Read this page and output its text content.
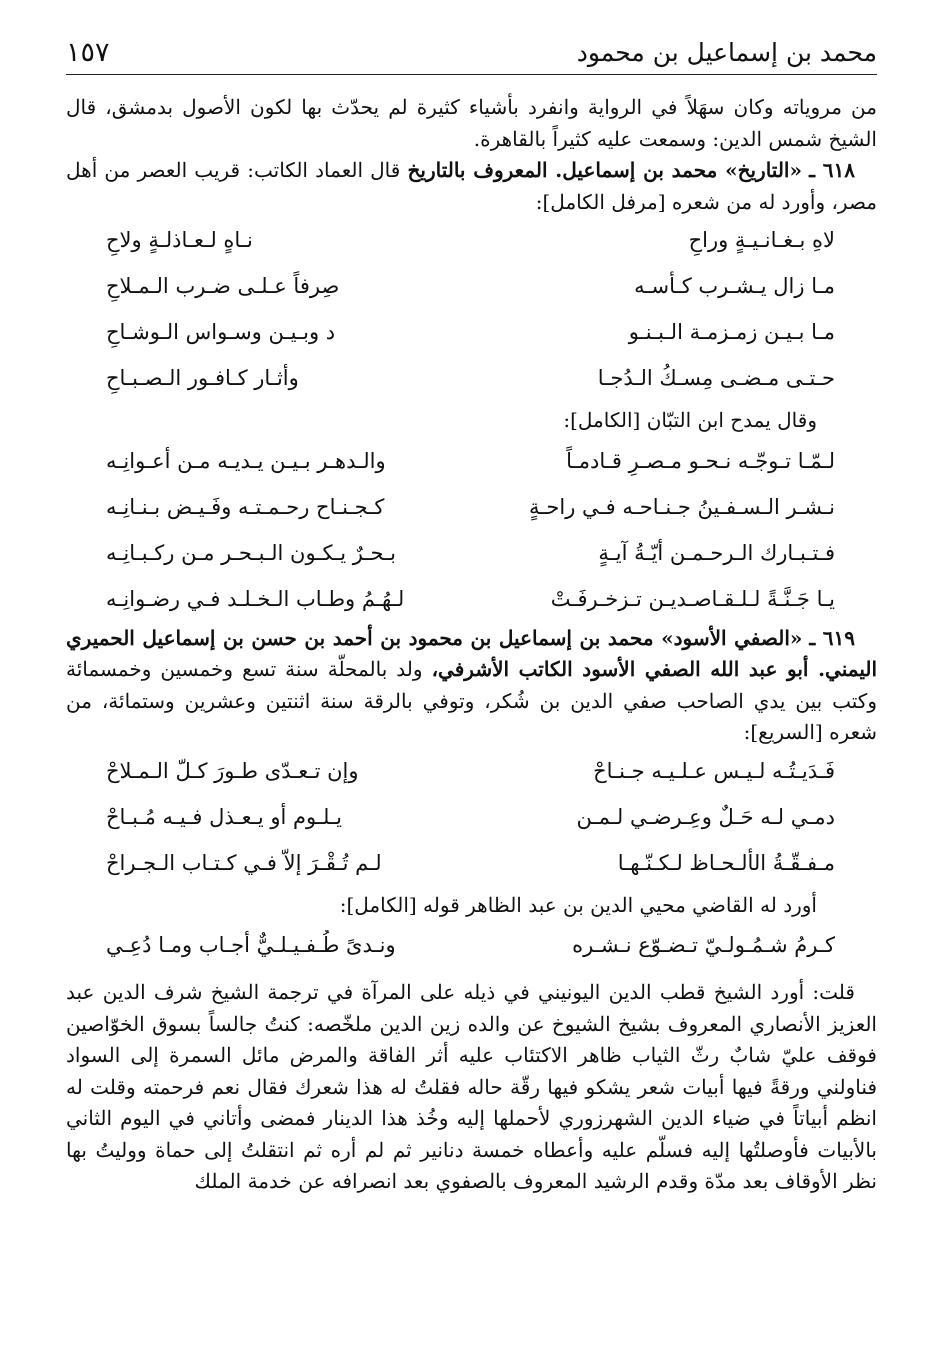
محمد بن إسماعيل بن محمود
١٥٧

من مروياته وكان سهَلاً في الرواية وانفرد بأشياء كثيرة لم يحدّث بها لكون الأصول بدمشق، قال الشيخ شمس الدين: وسمعت عليه كثيراً بالقاهرة.

٦١٨ ـ «التاريخ» محمد بن إسماعيل. المعروف بالتاريخ قال العماد الكاتب: قريب العصر من أهل مصر، وأورد له من شعره [مرفل الكامل]:

لاهِ بـغـانـيـةٍ وراحِ
نـاهٍ لـعـاذلـةٍ ولاحِ
مـا زال يـشـرب كـأسـه
صِرفاً عـلـى ضـرب الـمـلاحِ
مـا بـيـن زمـزمـة الـبـنـو
د وبـيـن وسـواس الـوشـاحِ
حـتـى مـضـى مِسـكُ الـدُجـا
وأثـار كـافـور الـصـبـاحِ

وقال يمدح ابن التبّان [الكامل]:

لـمّـا تـوجّـه نـحـو مـصـرِ قـادمـاً
والـدهـر بـيـن يـديـه مـن أعـوانِـه
نـشـر الـسـفـينُ جـنـاحـه فـي راحـةٍ
كـجـنـاح رحـمـتـه وفَـيـض بـنـانِـه
فـتـبـارك الـرحـمـن أيّـةُ آيـةٍ
بـحـرٌ يـكـون الـبـحـر مـن ركـبـانِـه
يـا جَـنَّـةً لـلـقـاصـديـن تـزخـرفَـتْ
لـهُـمُ وطـاب الـخـلـد فـي رضـوانِـه

٦١٩ ـ «الصفي الأسود» محمد بن إسماعيل بن محمود بن أحمد بن حسن بن إسماعيل الحميري اليمني. أبو عبد الله الصفي الأسود الكاتب الأشرفي، ولد بالمحلّة سنة تسع وخمسين وخمسمائة وكتب بين يدي الصاحب صفي الدين بن شُكر، وتوفي بالرقة سنة اثنتين وعشرين وستمائة، من شعره [السريع]:

فَـدَيـتُـه لـيـس عـلـيـه جـنـاحْ
وإن تـعـدّى طـورَ كـلّ الـمـلاحْ
دمـي لـه حَـلٌ وعِـرضـي لـمـن
يـلـوم أو يـعـذل فـيـه مُـبـاحْ
مـفـقّـةُ الألـحـاظ لـكـنّـهـا
لـم تُـقْـرَ إلاّ فـي كـتـاب الـجـراحْ

أورد له القاضي محيي الدين بن عبد الظاهر قوله [الكامل]:

كـرمُ شـمُـولـيّ تـضـوّع نـشـره
ونـدىً طُـفـيـلـيٌّ أجـاب ومـا دُعِـي

قلت: أورد الشيخ قطب الدين اليونيني في ذيله على المرآة في ترجمة الشيخ شرف الدين عبد العزيز الأنصاري المعروف بشيخ الشيوخ عن والده زين الدين ملخّصه: كنتُ جالساً بسوق الخوّاصين فوقف عليّ شابٌ رثّ الثياب ظاهر الاكتئاب عليه أثر الفاقة والمرض مائل السمرة إلى السواد فناولني ورقةً فيها أبيات شعر يشكو فيها رقّة حاله فقلتُ له هذا شعرك فقال نعم فرحمته وقلت له انظم أبياتاً في ضياء الدين الشهرزوري لأحملها إليه وخُذ هذا الدينار فمضى وأتاني في اليوم الثاني بالأبيات فأوصلتُها إليه فسلّم عليه وأعطاه خمسة دنانير ثم لم أره ثم انتقلتُ إلى حماة ووليتُ بها نظر الأوقاف بعد مدّة وقدم الرشيد المعروف بالصفوي بعد انصرافه عن خدمة الملك
